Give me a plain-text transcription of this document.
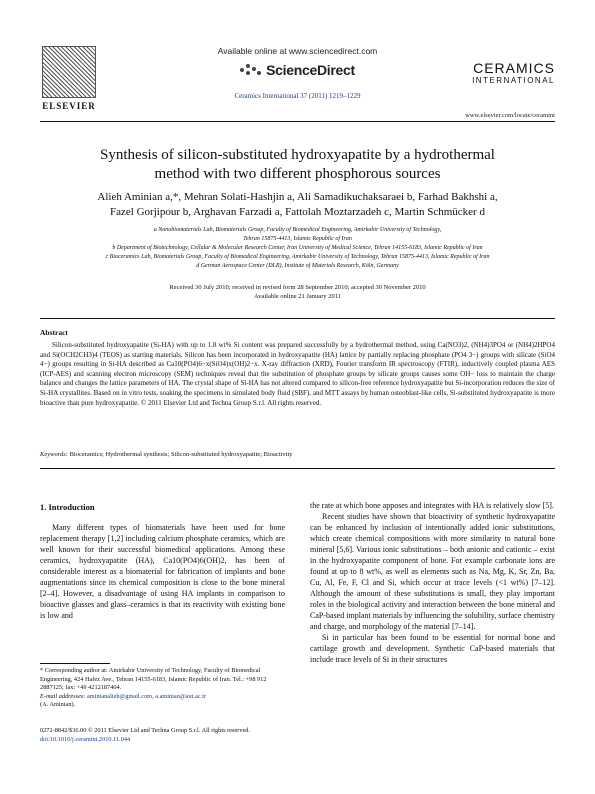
ELSEVIER
Available online at www.sciencedirect.com
ScienceDirect
Ceramics International 37 (2011) 1219–1229
CERAMICS
INTERNATIONAL
www.elsevier.com/locate/ceramint
Synthesis of silicon-substituted hydroxyapatite by a hydrothermal
method with two different phosphorous sources
Alieh Aminian a,*, Mehran Solati-Hashjin a, Ali Samadikuchaksaraei b, Farhad Bakhshi a,
Fazel Gorjipour b, Arghavan Farzadi a, Fattolah Moztarzadeh c, Martin Schmücker d
a Nanobiomaterials Lab, Biomaterials Group, Faculty of Biomedical Engineering, Amirkabir University of Technology,
Tehran 15875-4413, Islamic Republic of Iran
b Department of Biotechnology, Cellular & Molecular Research Center, Iran University of Medical Science, Tehran 14155-6183, Islamic Republic of Iran
c Bioceramics Lab, Biomaterials Group, Faculty of Biomedical Engineering, Amirkabir University of Technology, Tehran 15875-4413, Islamic Republic of Iran
d German Aerospace Center (DLR), Institute of Materials Research, Köln, Germany
Received 30 July 2010; received in revised form 28 September 2010; accepted 30 November 2010
Available online 21 January 2011
Abstract
Silicon-substituted hydroxyapatite (Si-HA) with up to 1.8 wt% Si content was prepared successfully by a hydrothermal method, using Ca(NO3)2, (NH4)3PO4 or (NH4)2HPO4 and Si(OCH2CH3)4 (TEOS) as starting materials. Silicon has been incorporated in hydroxyapatite (HA) lattice by partially replacing phosphate (PO4 3−) groups with silicate (SiO4 4−) groups resulting in Si-HA described as Ca10(PO4)6−x(SiO4)x(OH)2−x. X-ray diffraction (XRD), Fourier transform IR spectroscopy (FTIR), inductively coupled plasma AES (ICP-AES) and scanning electron microscopy (SEM) techniques reveal that the substitution of phosphate groups by silicate groups causes some OH− loss to maintain the charge balance and changes the lattice parameters of HA. The crystal shape of Si-HA has not altered compared to silicon-free reference hydroxyapatite but Si-incorporation reduces the size of Si-HA crystallites. Based on in vitro tests, soaking the specimens in simulated body fluid (SBF), and MTT assays by human osteoblast-like cells, Si-substituted hydroxyapatite is more bioactive than pure hydroxyapatite. © 2011 Elsevier Ltd and Techna Group S.r.l. All rights reserved.
Keywords: Bioceramics; Hydrothermal synthesis; Silicon-substituted hydroxyapatite; Bioactivity
1. Introduction

Many different types of biomaterials have been used for bone replacement therapy [1,2] including calcium phosphate ceramics, which are well known for their successful biomedical applications. Among these ceramics, hydroxyapatite (HA), Ca10(PO4)6(OH)2, has been of considerable interest as a biomaterial for fabrication of implants and bone augmentations since its chemical composition is close to the bone mineral [2–4]. However, a disadvantage of using HA implants in comparison to bioactive glasses and glass–ceramics is that its reactivity with existing bone is low and

the rate at which bone apposes and integrates with HA is relatively slow [5].

Recent studies have shown that bioactivity of synthetic hydroxyapatite can be enhanced by inclusion of intentionally added ionic substitutions, which create chemical compositions with more similarity to natural bone mineral [5,6]. Various ionic substitutions – both anionic and cationic – exist in the hydroxyapatite component of bone. For example carbonate ions are found at up to 8 wt%, as well as elements such as Na, Mg, K, Sr, Zn, Ba, Cu, Al, Fe, F, Cl and Si, which occur at trace levels (<1 wt%) [7–12]. Although the amount of these substitutions is small, they play important roles in the biological activity and interaction between the bone mineral and CaP-based implant materials by influencing the solubility, surface chemistry and charge, and morphology of the material [7–14].

Si in particular has been found to be essential for normal bone and cartilage growth and development. Synthetic CaP-based materials that include trace levels of Si in their structures

* Corresponding author at: Amirkabir University of Technology, Faculty of Biomedical Engineering, 424 Hafez Ave., Tehran 14155-6183, Islamic Republic of Iran. Tel.: +98 912 2887125; fax: +49 4212187404.
E-mail addresses: aminianalieh@gmail.com, a.aminian@aut.ac.ir
(A. Aminian).
0272-8842/$36.00 © 2011 Elsevier Ltd and Techna Group S.r.l. All rights reserved.
doi:10.1016/j.ceramint.2010.11.044
